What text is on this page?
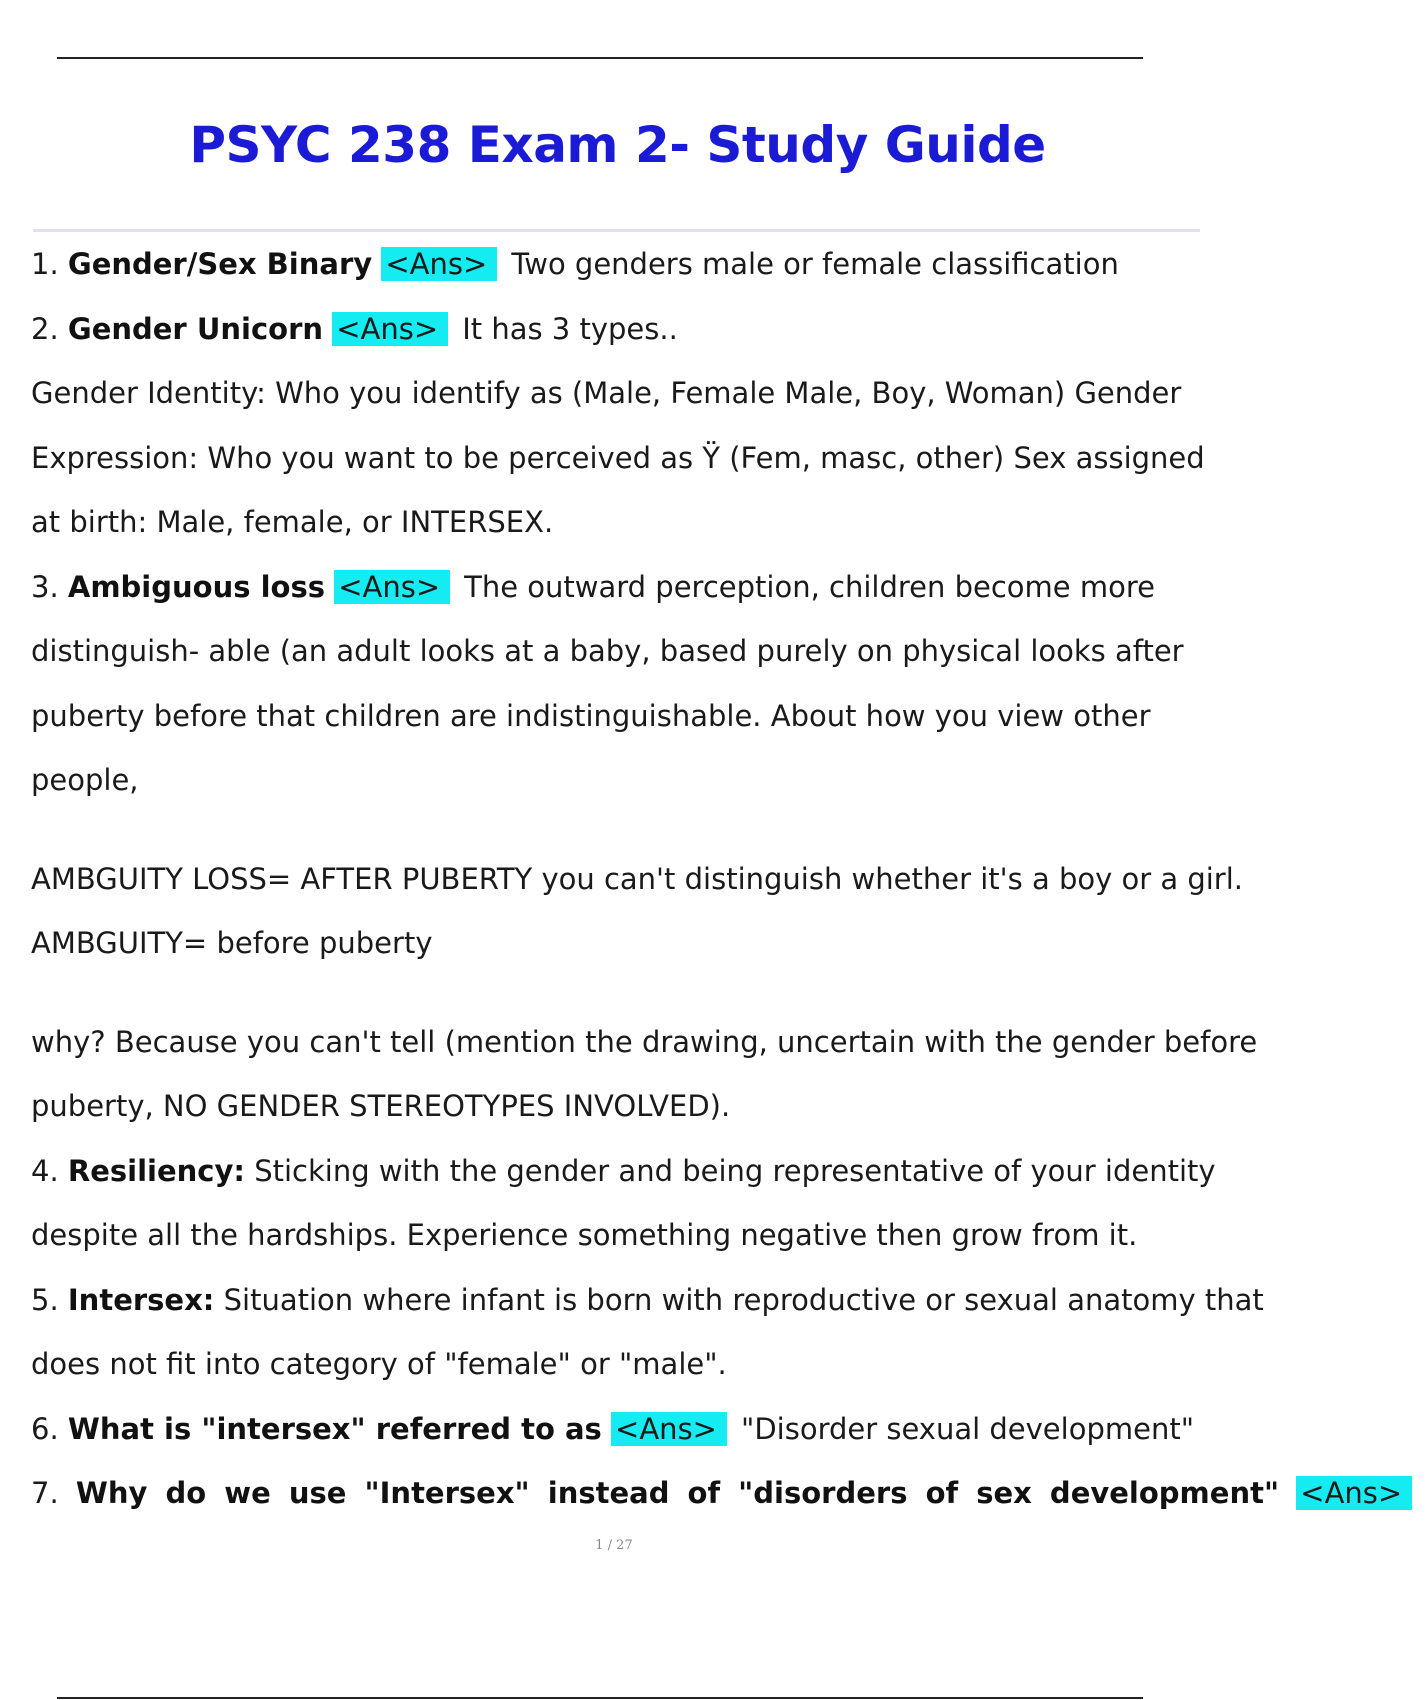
PSYC 238 Exam 2- Study Guide
1. Gender/Sex Binary <Ans> Two genders male or female classification
2. Gender Unicorn <Ans> It has 3 types..
Gender Identity: Who you identify as (Male, Female Male, Boy, Woman) Gender
Expression: Who you want to be perceived as Ÿ (Fem, masc, other) Sex assigned
at birth: Male, female, or INTERSEX.
3. Ambiguous loss <Ans> The outward perception, children become more
distinguish- able (an adult looks at a baby, based purely on physical looks after
puberty before that children are indistinguishable. About how you view other
people,
AMBGUITY LOSS= AFTER PUBERTY you can't distinguish whether it's a boy or a girl.
AMBGUITY= before puberty
why? Because you can't tell (mention the drawing, uncertain with the gender before
puberty, NO GENDER STEREOTYPES INVOLVED).
4. Resiliency: Sticking with the gender and being representative of your identity
despite all the hardships. Experience something negative then grow from it.
5. Intersex: Situation where infant is born with reproductive or sexual anatomy that
does not fit into category of "female" or "male".
6. What is "intersex" referred to as <Ans> "Disorder sexual development"
7. Why do we use "Intersex" instead of "disorders of sex development" <Ans>
1 / 27
